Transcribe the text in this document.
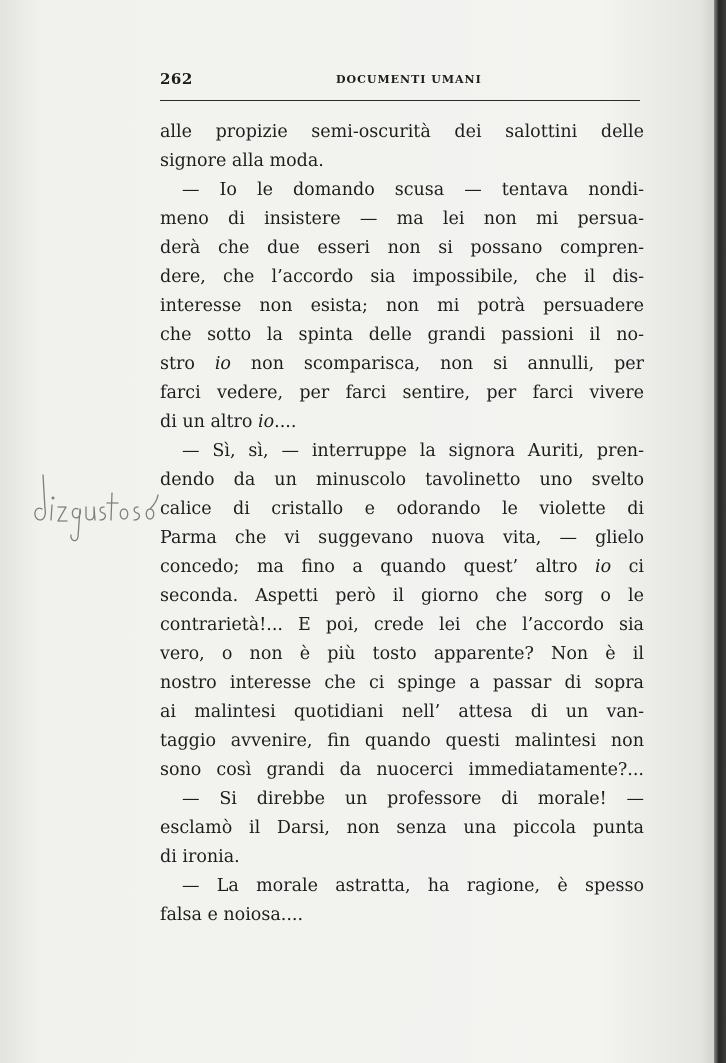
262	DOCUMENTI UMANI
alle propizie semi-oscurità dei salottini delle
signore alla moda.
— Io le domando scusa — tentava nondi-
meno di insistere — ma lei non mi persua-
derà che due esseri non si possano compren-
dere, che l’accordo sia impossibile, che il dis-
interesse non esista; non mi potrà persuadere
che sotto la spinta delle grandi passioni il no-
stro io non scomparisca, non si annulli, per
farci vedere, per farci sentire, per farci vivere
di un altro io....
— Sì, sì, — interruppe la signora Auriti, pren-
dendo da un minuscolo tavolinetto uno svelto
calice di cristallo e odorando le violette di
Parma che vi suggevano nuova vita, — glielo
concedo; ma fino a quando quest’ altro io ci
seconda. Aspetti però il giorno che sorg o le
contrarietà!... E poi, crede lei che l’accordo sia
vero, o non è più tosto apparente? Non è il
nostro interesse che ci spinge a passar di sopra
ai malintesi quotidiani nell’ attesa di un van-
taggio avvenire, fin quando questi malintesi non
sono così grandi da nuocerci immediatamente?...
— Si direbbe un professore di morale! —
esclamò il Darsi, non senza una piccola punta
di ironia.
— La morale astratta, ha ragione, è spesso
falsa e noiosa....
